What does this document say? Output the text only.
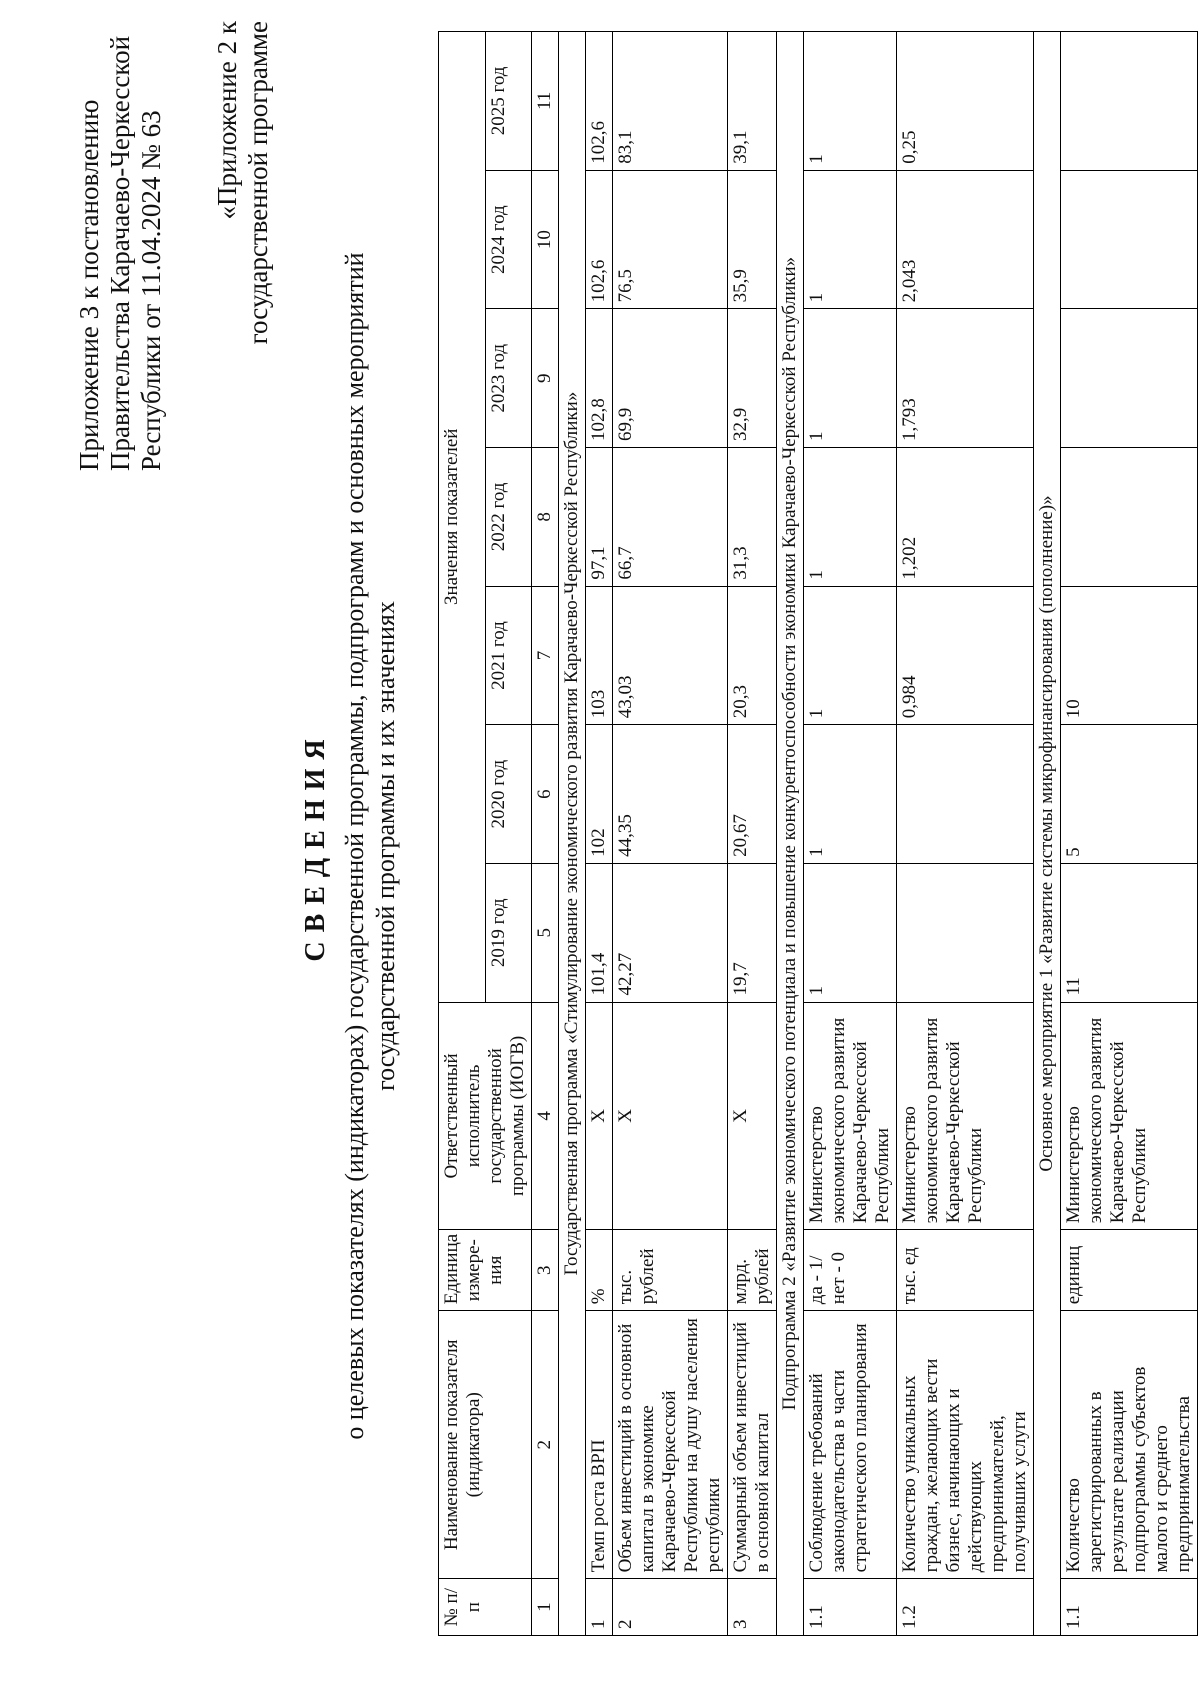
Приложение 3 к постановлению Правительства Карачаево-Черкесской Республики от 11.04.2024 № 63 «Приложение 2 к государственной программе
СВЕДЕНИЯ о целевых показателях (индикаторах) государственной программы, подпрограмм и основных мероприятий государственной программы и их значениях
№ п/п	Наименование показателя (индикатора)	Единица измере-ния	Ответственный исполнитель государственной программы (ИОГВ)	Значения показателей						
				2019 год	2020 год	2021 год	2022 год	2023 год	2024 год	2025 год
1	2	3	4	5	6	7	8	9	10	11
Государственная программа «Стимулирование экономического развития Карачаево-Черкесской Республики»										
1	Темп роста ВРП	%	Х	101,4	102	103	97,1	102,8	102,6	102,6
2	Объем инвестиций в основной капитал в экономике Карачаево-Черкесской Республики на душу населения республики	тыс. рублей	Х	42,27	44,35	43,03	66,7	69,9	76,5	83,1
3	Суммарный объем инвестиций в основной капитал	млрд. рублей	Х	19,7	20,67	20,3	31,3	32,9	35,9	39,1
Подпрограмма 2 «Развитие экономического потенциала и повышение конкурентоспособности экономики Карачаево-Черкесской Республики»										
1.1	Соблюдение требований законодательства в части стратегического планирования	да - 1/ нет - 0	Министерство экономического развития Карачаево-Черкесской Республики	1	1	1	1	1	1	1
1.2	Количество уникальных граждан, желающих вести бизнес, начинающих и действующих предпринимателей, получивших услуги	тыс. ед	Министерство экономического развития Карачаево-Черкесской Республики			0,984	1,202	1,793	2,043	0,25
Основное мероприятие 1 «Развитие системы микрофинансирования (пополнение)»										
1.1	Количество зарегистрированных в результате реализации подпрограммы субъектов малого и среднего предпринимательства	единиц	Министерство экономического развития Карачаево-Черкесской Республики	11	5	10				
